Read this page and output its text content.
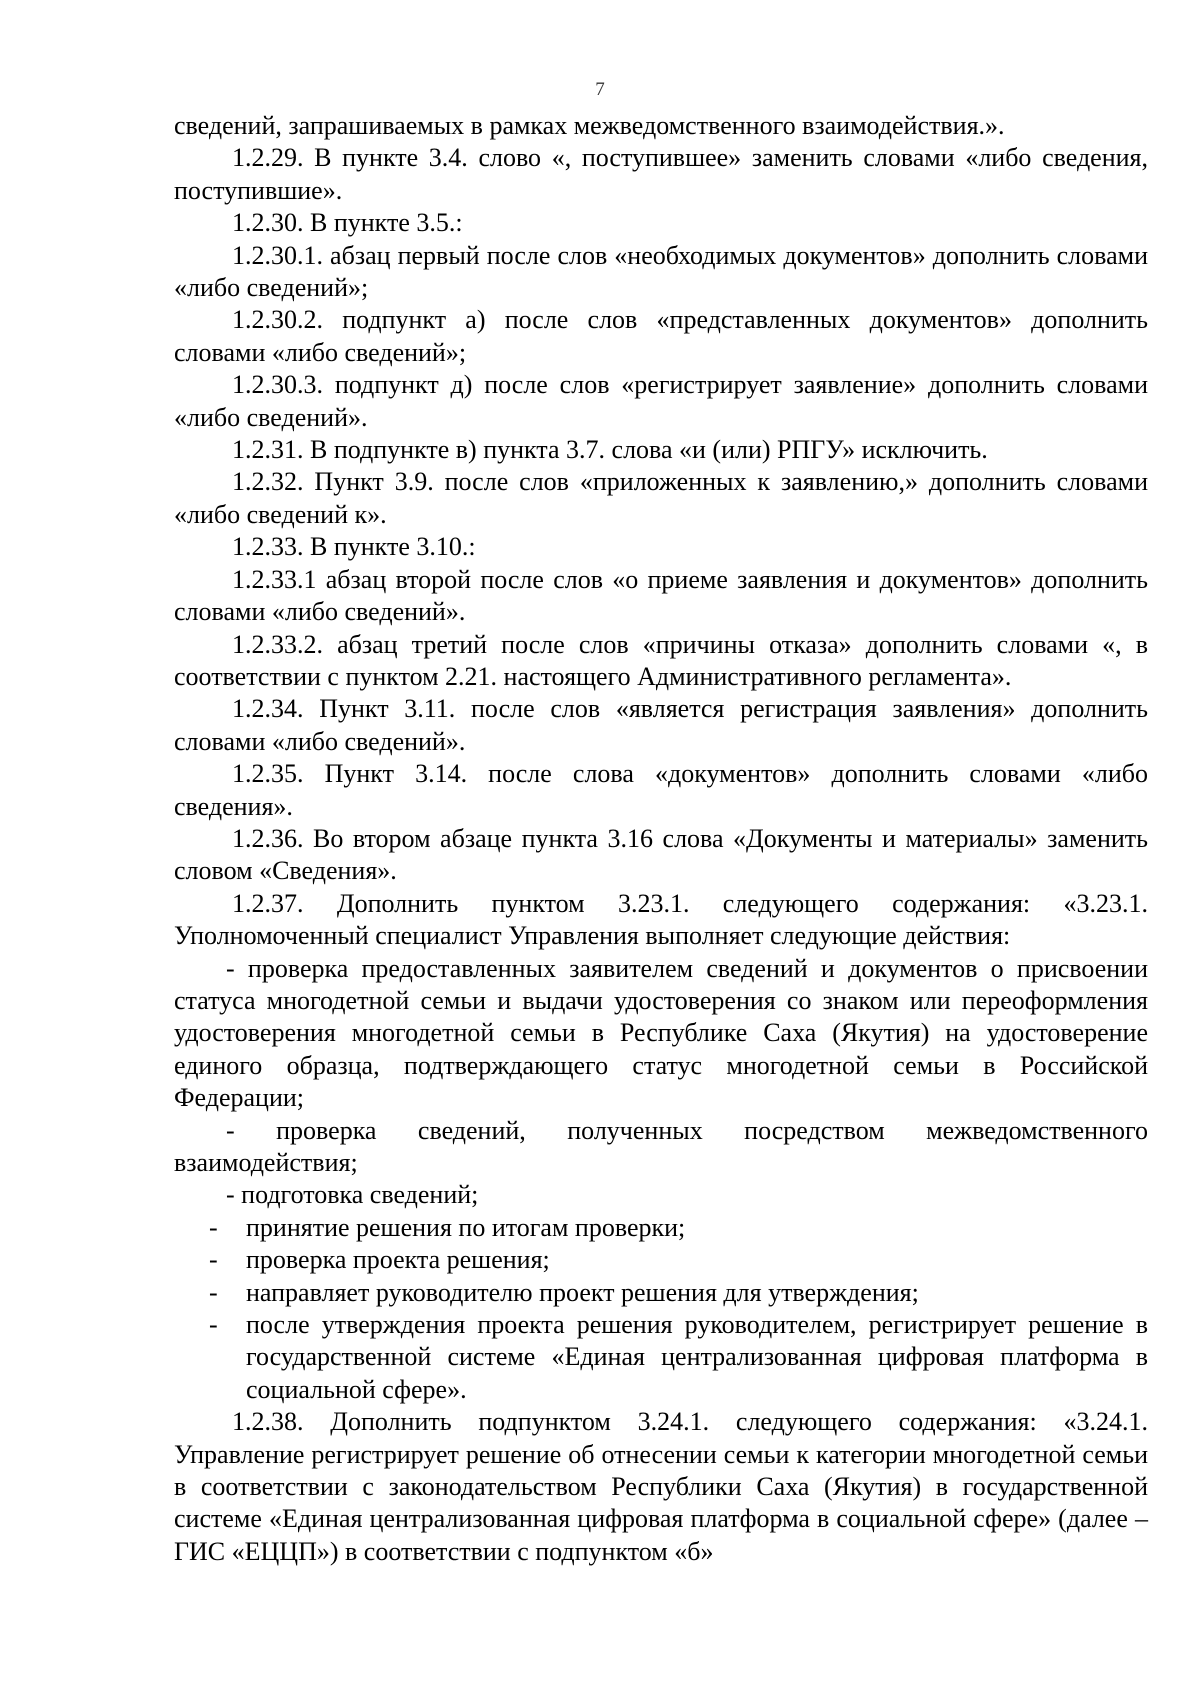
7

сведений, запрашиваемых в рамках межведомственного взаимодействия.».

1.2.29. В пункте 3.4. слово «, поступившее» заменить словами «либо сведения, поступившие».

1.2.30. В пункте 3.5.:

1.2.30.1. абзац первый после слов «необходимых документов» дополнить словами «либо сведений»;

1.2.30.2. подпункт а) после слов «представленных документов» дополнить словами «либо сведений»;

1.2.30.3. подпункт д) после слов «регистрирует заявление» дополнить словами «либо сведений».

1.2.31. В подпункте в) пункта 3.7. слова «и (или) РПГУ» исключить.

1.2.32. Пункт 3.9. после слов «приложенных к заявлению,» дополнить словами «либо сведений к».

1.2.33. В пункте 3.10.:

1.2.33.1 абзац второй после слов «о приеме заявления и документов» дополнить словами «либо сведений».

1.2.33.2. абзац третий после слов «причины отказа» дополнить словами «, в соответствии с пунктом 2.21. настоящего Административного регламента».

1.2.34. Пункт 3.11. после слов «является регистрация заявления» дополнить словами «либо сведений».

1.2.35. Пункт 3.14. после слова «документов» дополнить словами «либо сведения».

1.2.36. Во втором абзаце пункта 3.16 слова «Документы и материалы» заменить словом «Сведения».

1.2.37. Дополнить пунктом 3.23.1. следующего содержания: «3.23.1. Уполномоченный специалист Управления выполняет следующие действия:

- проверка предоставленных заявителем сведений и документов о присвоении статуса многодетной семьи и выдачи удостоверения со знаком или переоформления удостоверения многодетной семьи в Республике Саха (Якутия) на удостоверение единого образца, подтверждающего статус многодетной семьи в Российской Федерации;

- проверка сведений, полученных посредством межведомственного взаимодействия;

- подготовка сведений;

- принятие решения по итогам проверки;
- проверка проекта решения;
- направляет руководителю проект решения для утверждения;
- после утверждения проекта решения руководителем, регистрирует решение в государственной системе «Единая централизованная цифровая платформа в социальной сфере».

1.2.38. Дополнить подпунктом 3.24.1. следующего содержания: «3.24.1. Управление регистрирует решение об отнесении семьи к категории многодетной семьи в соответствии с законодательством Республики Саха (Якутия) в государственной системе «Единая централизованная цифровая платформа в социальной сфере» (далее – ГИС «ЕЦЦП») в соответствии с подпунктом «б»
